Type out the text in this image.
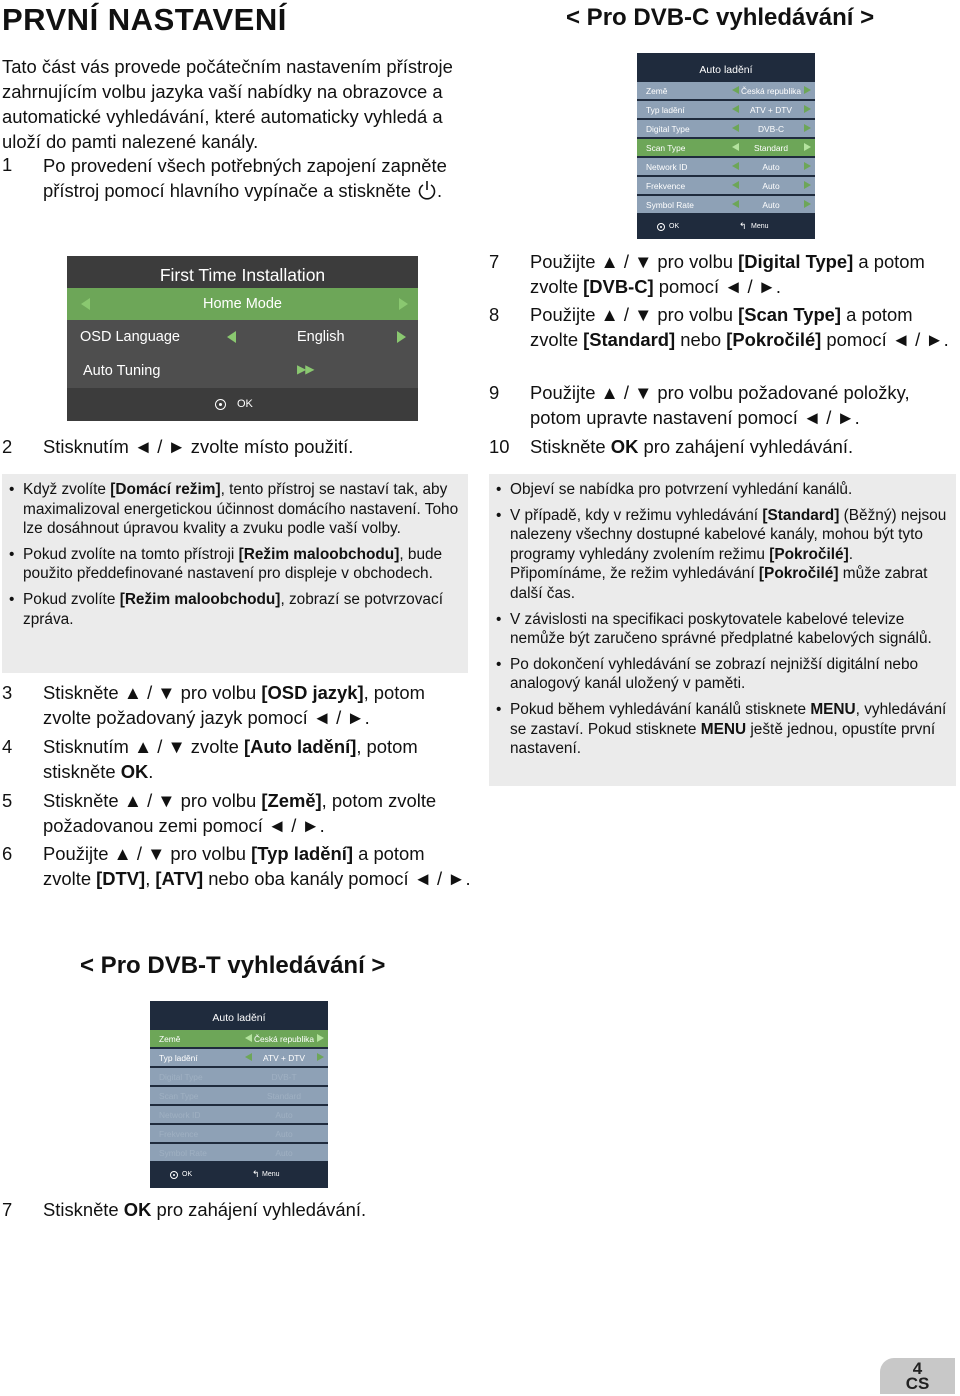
PRVNÍ NASTAVENÍ

Tato část vás provede počátečním nastavením přístroje zahrnujícím volbu jazyka vaší nabídky na obrazovce a automatické vyhledávání, které automaticky vyhledá a uloží do pamti nalezené kanály.

1	Po provedení všech potřebných zapojení zapněte přístroj pomocí hlavního vypínače a stiskněte .
First Time Installation
Home Mode
OSD Language	English
Auto Tuning	▶▶
OK
2	Stisknutím ◄ / ► zvolte místo použití.
• Když zvolíte [Domácí režim], tento přístroj se nastaví tak, aby maximalizoval energetickou účinnost domácího nastavení. Toho lze dosáhnout úpravou kvality a zvuku podle vaší volby.
• Pokud zvolíte na tomto přístroji [Režim maloobchodu], bude použito předdefinované nastavení pro displeje v obchodech.
• Pokud zvolíte [Režim maloobchodu], zobrazí se potvrzovací zpráva.
3	Stiskněte ▲ / ▼ pro volbu [OSD jazyk], potom zvolte požadovaný jazyk pomocí ◄ / ►.
4	Stisknutím ▲ / ▼ zvolte [Auto ladění], potom stiskněte OK.
5	Stiskněte ▲ / ▼ pro volbu [Země], potom zvolte požadovanou zemi pomocí ◄ / ►.
6	Použijte ▲ / ▼ pro volbu [Typ ladění] a potom zvolte [DTV], [ATV] nebo oba kanály pomocí ◄ / ►.
< Pro DVB-T vyhledávání >
Auto ladění
Země	Česká republika
Typ ladění	ATV + DTV
Digital Type	DVB-T
Scan Type	Standard
Network ID	Auto
Frekvence	Auto
Symbol Rate	Auto
OK	↰ Menu
7	Stiskněte OK pro zahájení vyhledávání.
< Pro DVB-C vyhledávání >
Auto ladění
Země	Česká republika
Typ ladění	ATV + DTV
Digital Type	DVB-C
Scan Type	Standard
Network ID	Auto
Frekvence	Auto
Symbol Rate	Auto
OK	↰ Menu
7	Použijte ▲ / ▼ pro volbu [Digital Type] a potom zvolte [DVB-C] pomocí ◄ / ►.
8	Použijte ▲ / ▼ pro volbu [Scan Type] a potom zvolte [Standard] nebo [Pokročilé] pomocí ◄ / ►.
9	Použijte ▲ / ▼ pro volbu požadované položky, potom upravte nastavení pomocí ◄ / ►.
10	Stiskněte OK pro zahájení vyhledávání.
• Objeví se nabídka pro potvrzení vyhledání kanálů.
• V případě, kdy v režimu vyhledávání [Standard] (Běžný) nejsou nalezeny všechny dostupné kabelové kanály, mohou být tyto programy vyhledány zvolením režimu [Pokročilé]. Připomínáme, že režim vyhledávání [Pokročilé] může zabrat další čas.
• V závislosti na specifikaci poskytovatele kabelové televize nemůže být zaručeno správné předplatné kabelových signálů.
• Po dokončení vyhledávání se zobrazí nejnižší digitální nebo analogový kanál uložený v paměti.
• Pokud během vyhledávání kanálů stisknete MENU, vyhledávání se zastaví. Pokud stisknete MENU ještě jednou, opustíte první nastavení.
4
CS
